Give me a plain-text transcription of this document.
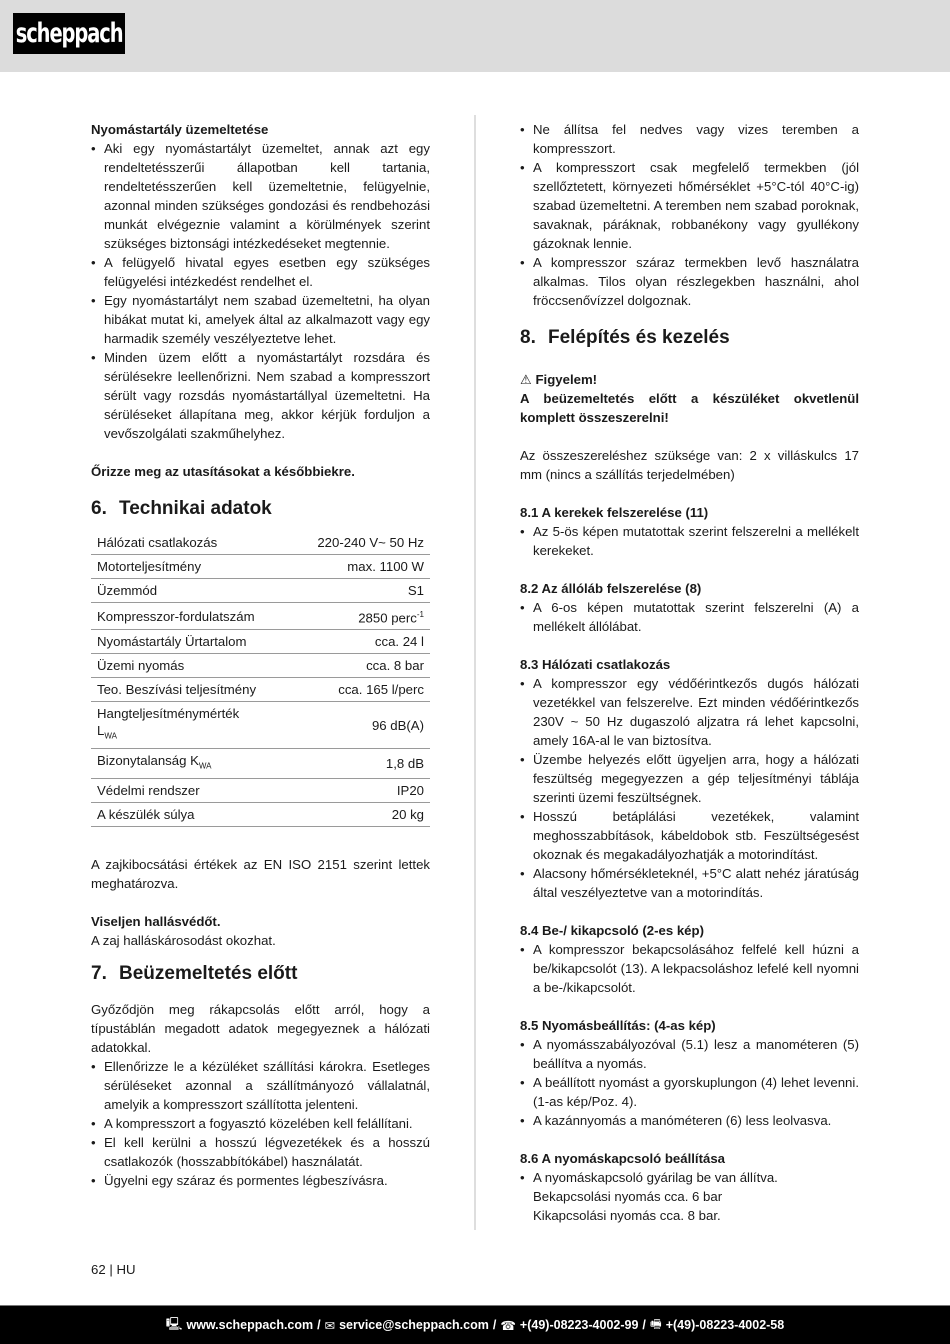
scheppach
Nyomástartály üzemeltetése
• Aki egy nyomástartályt üzemeltet, annak azt egy rendeltetésszerűi állapotban kell tartania, rendeltetésszerűen kell üzemeltetnie, felügyelnie, azonnal minden szükséges gondozási és rendbehozási munkát elvégeznie valamint a körülmények szerint szükséges biztonsági intézkedéseket megtennie.
• A felügyelő hivatal egyes esetben egy szükséges felügyelési intézkedést rendelhet el.
• Egy nyomástartályt nem szabad üzemeltetni, ha olyan hibákat mutat ki, amelyek által az alkalmazott vagy egy harmadik személy veszélyeztetve lehet.
• Minden üzem előtt a nyomástartályt rozsdára és sérülésekre leellenőrizni. Nem szabad a kompresszort sérült vagy rozsdás nyomástartállyal üzemeltetni. Ha sérüléseket állapítana meg, akkor kérjük forduljon a vevőszolgálati szakműhelyhez.
Őrizze meg az utasításokat a későbbiekre.
6. Technikai adatok
Hálózati csatlakozás	220-240 V~ 50 Hz
Motorteljesítmény	max. 1100 W
Üzemmód	S1
Kompresszor-fordulatszám	2850 perc$^{-1}$
Nyomástartály Ürtartalom	cca. 24 l
Üzemi nyomás	cca. 8 bar
Teo. Beszívási teljesítmény	cca. 165 l/perc
Hangteljesítménymérték
$L_{WA}$	96 dB(A)
Bizonytalanság $K_{WA}$	1,8 dB
Védelmi rendszer	IP20
A készülék súlya	20 kg

A zajkibocsátási értékek az EN ISO 2151 szerint lettek meghatározva.

Viseljen hallásvédőt.

A zaj halláskárosodást okozhat.

7. Beüzemeltetés előtt

Győződjön meg rákapcsolás előtt arról, hogy a típustáblán megadott adatok megegyeznek a hálózati adatokkal.

• Ellenőrizze le a kézüléket szállítási károkra. Esetleges sérüléseket azonnal a szállítmányozó vállalatnál, amelyik a kompresszort szállította jelenteni.
• A kompresszort a fogyasztó közelében kell felállítani.
• El kell kerülni a hosszú légvezetékek és a hosszú csatlakozók (hosszabbítókábel) használatát.
• Ügyelni egy száraz és pormentes légbeszívásra.
• Ne állítsa fel nedves vagy vizes teremben a kompresszort.
• A kompresszort csak megfelelő termekben (jól szellőztetett, környezeti hőmérséklet +5°C-tól 40°C-ig) szabad üzemeltetni. A teremben nem szabad poroknak, savaknak, páráknak, robbanékony vagy gyullékony gázoknak lennie.
• A kompresszor száraz termekben levő használatra alkalmas. Tilos olyan részlegekben használni, ahol fröccsenővízzel dolgoznak.
8. Felépítés és kezelés
⚠ Figyelem!

A beüzemeltetés előtt a készüléket okvetlenül komplett összeszerelni!

Az összeszereléshez szüksége van: 2 x villáskulcs 17 mm (nincs a szállítás terjedelmében)

8.1 A kerekek felszerelése (11)
• Az 5-ös képen mutatottak szerint felszerelni a mellékelt kerekeket.
8.2 Az állóláb felszerelése (8)
• A 6-os képen mutatottak szerint felszerelni (A) a mellékelt állólábat.
8.3 Hálózati csatlakozás
• A kompresszor egy védőérintkezős dugós hálózati vezetékkel van felszerelve. Ezt minden védőérintkezős 230V ~ 50 Hz dugaszoló aljzatra rá lehet kapcsolni, amely 16A-al le van biztosítva.
• Üzembe helyezés előtt ügyeljen arra, hogy a hálózati feszültség megegyezzen a gép teljesítményi táblája szerinti üzemi feszültségnek.
• Hosszú betáplálási vezetékek, valamint meghosszabbítások, kábeldobok stb. Feszültségesést okoznak és megakadályozhatják a motorindítást.
• Alacsony hőmérsékleteknél, +5°C alatt nehéz járatúság által veszélyeztetve van a motorindítás.
8.4 Be-/ kikapcsoló (2-es kép)
• A kompresszor bekapcsolásához felfelé kell húzni a be/kikapcsolót (13). A lekpacsoláshoz lefelé kell nyomni a be-/kikapcsolót.
8.5 Nyomásbeállítás: (4-as kép)
• A nyomásszabályozóval (5.1) lesz a manométeren (5) beállítva a nyomás.
• A beállított nyomást a gyorskuplungon (4) lehet levenni. (1-as kép/Poz. 4).
• A kazánnyomás a manóméteren (6) less leolvasva.
8.6 A nyomáskapcsoló beállítása
• A nyomáskapcsoló gyárilag be van állítva.
Bekapcsolási nyomás cca. 6 bar
Kikapcsolási nyomás cca. 8 bar.
62 | HU
🖳 www.scheppach.com / ✉ service@scheppach.com / ☎ +(49)-08223-4002-99 / 🖷 +(49)-08223-4002-58
